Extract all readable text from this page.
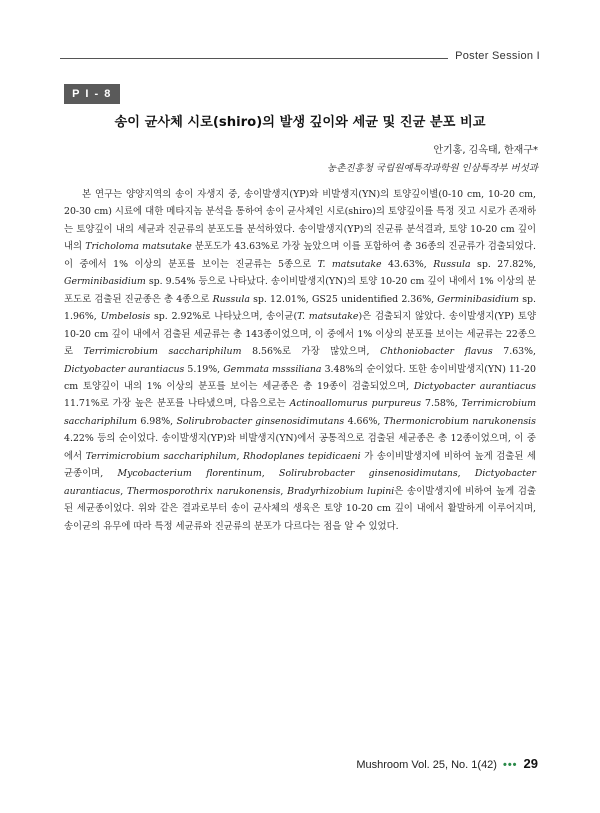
Poster Session I
P I - 8
송이 균사체 시로(shiro)의 발생 깊이와 세균 및 진균 분포 비교
안기홍, 김옥태, 한재구*
농촌진흥청 국립원예특작과학원 인삼특작부 버섯과

본 연구는 양양지역의 송이 자생지 중, 송이발생지(YP)와 비발생지(YN)의 토양깊이별(0-10 cm, 10-20 cm, 20-30 cm) 시료에 대한 메타지놈 분석을 통하여 송이 균사체인 시로(shiro)의 토양깊이를 특정 짓고 시로가 존재하는 토양깊이 내의 세균과 진균류의 분포도를 분석하였다. 송이발생지(YP)의 진균류 분석결과, 토양 10-20 cm 깊이 내의 Tricholoma matsutake 분포도가 43.63%로 가장 높았으며 이를 포함하여 총 36종의 진균류가 검출되었다. 이 중에서 1% 이상의 분포를 보이는 진균류는 5종으로 T. matsutake 43.63%, Russula sp. 27.82%, Germinibasidium sp. 9.54% 등으로 나타났다. 송이비발생지(YN)의 토양 10-20 cm 깊이 내에서 1% 이상의 분포도로 검출된 진균종은 총 4종으로 Russula sp. 12.01%, GS25 unidentified 2.36%, Germinibasidium sp. 1.96%, Umbelosis sp. 2.92%로 나타났으며, 송이균(T. matsutake)은 검출되지 않았다. 송이발생지(YP) 토양 10-20 cm 깊이 내에서 검출된 세균류는 총 143종이었으며, 이 중에서 1% 이상의 분포를 보이는 세균류는 22종으로 Terrimicrobium sacchariphilum 8.56%로 가장 많았으며, Chthoniobacter flavus 7.63%, Dictyobacter aurantiacus 5.19%, Gemmata msssiliana 3.48%의 순이었다. 또한 송이비발생지(YN) 11-20 cm 토양깊이 내의 1% 이상의 분포를 보이는 세균종은 총 19종이 검출되었으며, Dictyobacter aurantiacus 11.71%로 가장 높은 분포를 나타냈으며, 다음으로는 Actinoallomurus purpureus 7.58%, Terrimicrobium sacchariphilum 6.98%, Solirubrobacter ginsenosidimutans 4.66%, Thermonicrobium narukonensis 4.22% 등의 순이었다. 송이발생지(YP)와 비발생지(YN)에서 공통적으로 검출된 세균종은 총 12종이었으며, 이 중에서 Terrimicrobium sacchariphilum, Rhodoplanes tepidicaeni 가 송이비발생지에 비하여 높게 검출된 세균종이며, Mycobacterium florentinum, Solirubrobacter ginsenosidimutans, Dictyobacter aurantiacus, Thermosporothrix narukonensis, Bradyrhizobium lupini은 송이발생지에 비하여 높게 검출된 세균종이었다. 위와 같은 결과로부터 송이 균사체의 생육은 토양 10-20 cm 깊이 내에서 활발하게 이루어지며, 송이균의 유무에 따라 특정 세균류와 진균류의 분포가 다르다는 점을 알 수 있었다.

Mushroom Vol. 25, No. 1(42) ••• 29
